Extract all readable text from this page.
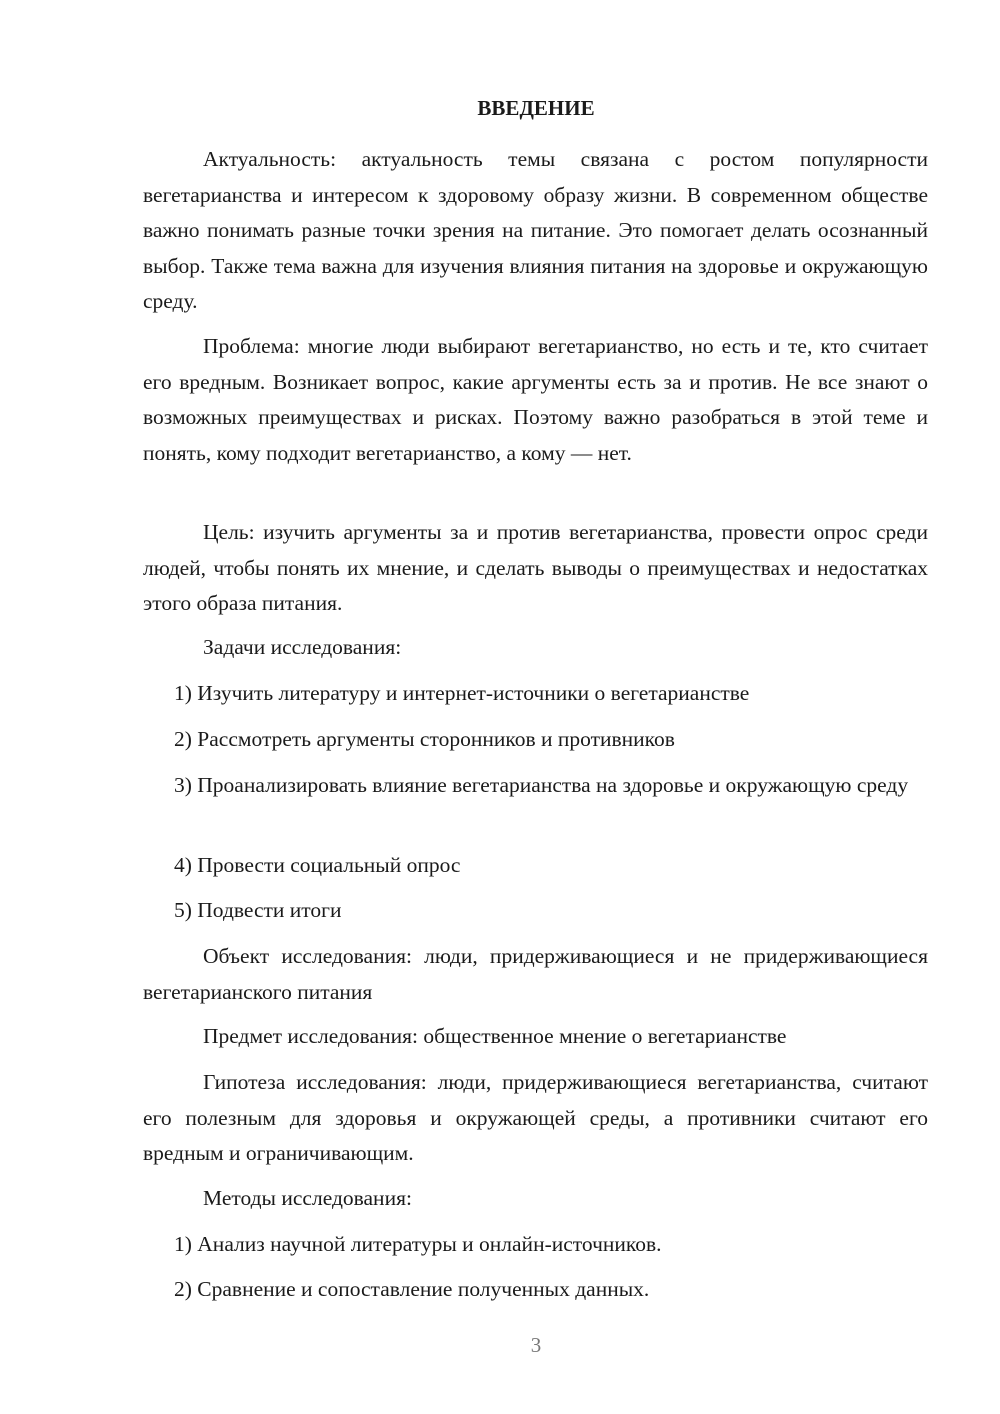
ВВЕДЕНИЕ

Актуальность: актуальность темы связана с ростом популярности вегетарианства и интересом к здоровому образу жизни. В современном обществе важно понимать разные точки зрения на питание. Это помогает делать осознанный выбор. Также тема важна для изучения влияния питания на здоровье и окружающую среду.

Проблема: многие люди выбирают вегетарианство, но есть и те, кто считает его вредным. Возникает вопрос, какие аргументы есть за и против. Не все знают о возможных преимуществах и рисках. Поэтому важно разобраться в этой теме и понять, кому подходит вегетарианство, а кому — нет.

Цель: изучить аргументы за и против вегетарианства, провести опрос среди людей, чтобы понять их мнение, и сделать выводы о преимуществах и недостатках этого образа питания.

Задачи исследования:

1) Изучить литературу и интернет-источники о вегетарианстве

2) Рассмотреть аргументы сторонников и противников

3) Проанализировать влияние вегетарианства на здоровье и окружающую среду

4) Провести социальный опрос

5) Подвести итоги

Объект исследования: люди, придерживающиеся и не придерживающиеся вегетарианского питания

Предмет исследования: общественное мнение о вегетарианстве

Гипотеза исследования: люди, придерживающиеся вегетарианства, считают его полезным для здоровья и окружающей среды, а противники считают его вредным и ограничивающим.

Методы исследования:

1) Анализ научной литературы и онлайн-источников.

2) Сравнение и сопоставление полученных данных.

3
